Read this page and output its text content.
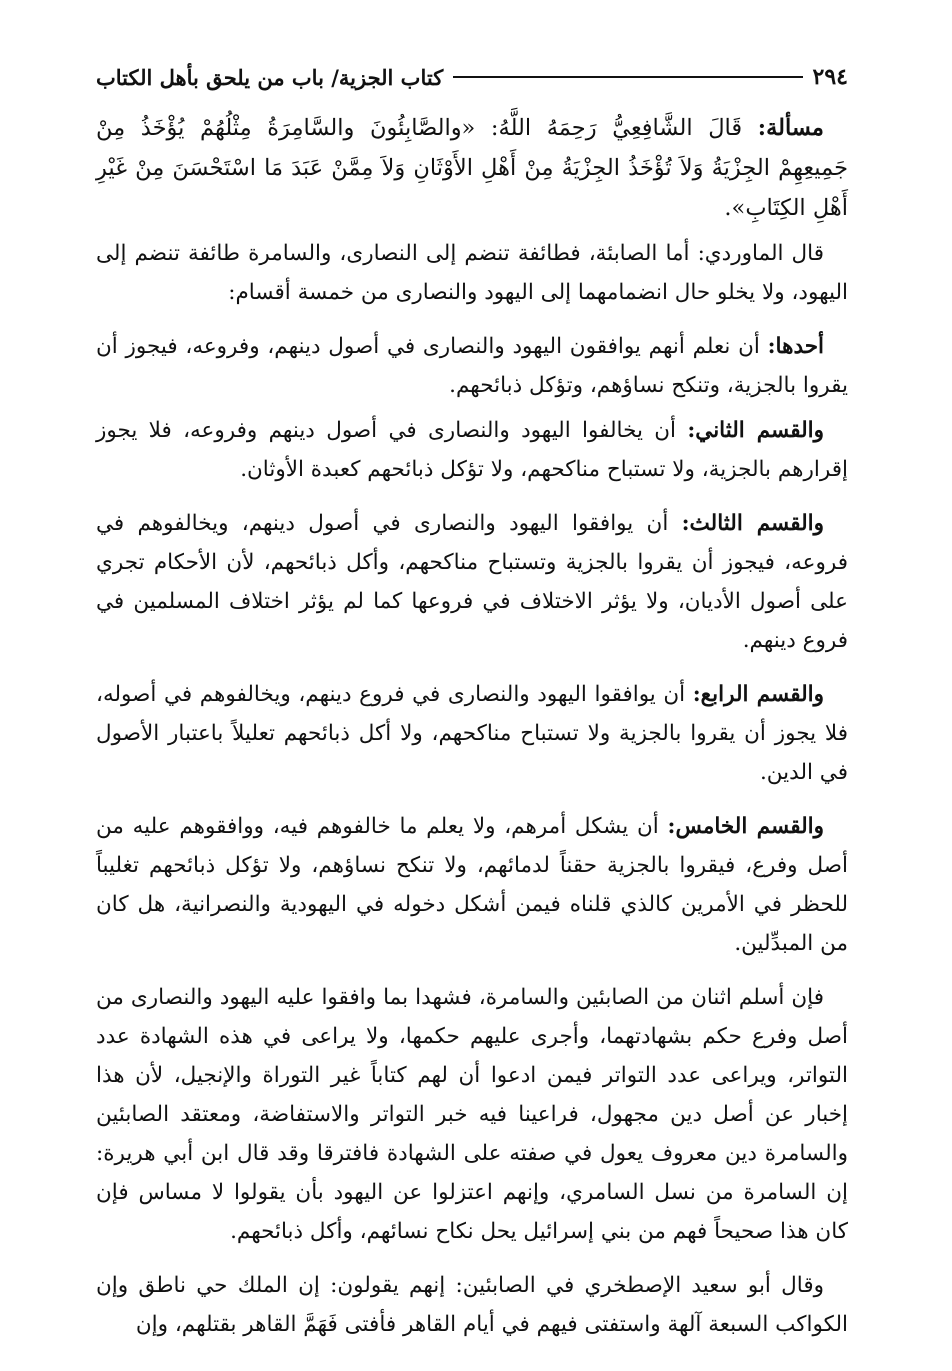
٢٩٤
كتاب الجزية/ باب من يلحق بأهل الكتاب

مسألة: قَالَ الشَّافِعِيُّ رَحِمَهُ اللَّهُ: «والصَّابِئُونَ والسَّامِرَةُ مِثْلُهُمْ يُؤْخَذُ مِنْ جَمِيعِهِمْ الجِزْيَةُ وَلاَ تُؤْخَذُ الجِزْيَةُ مِنْ أَهْلِ الأَوْثَانِ وَلاَ مِمَّنْ عَبَدَ مَا اسْتَحْسَنَ مِنْ غَيْرِ أَهْلِ الكِتَابِ».

قال الماوردي: أما الصابئة، فطائفة تنضم إلى النصارى، والسامرة طائفة تنضم إلى اليهود، ولا يخلو حال انضمامهما إلى اليهود والنصارى من خمسة أقسام:

أحدها: أن نعلم أنهم يوافقون اليهود والنصارى في أصول دينهم، وفروعه، فيجوز أن يقروا بالجزية، وتنكح نساؤهم، وتؤكل ذبائحهم.

والقسم الثاني: أن يخالفوا اليهود والنصارى في أصول دينهم وفروعه، فلا يجوز إقرارهم بالجزية، ولا تستباح مناكحهم، ولا تؤكل ذبائحهم كعبدة الأوثان.

والقسم الثالث: أن يوافقوا اليهود والنصارى في أصول دينهم، ويخالفوهم في فروعه، فيجوز أن يقروا بالجزية وتستباح مناكحهم، وأكل ذبائحهم، لأن الأحكام تجري على أصول الأديان، ولا يؤثر الاختلاف في فروعها كما لم يؤثر اختلاف المسلمين في فروع دينهم.

والقسم الرابع: أن يوافقوا اليهود والنصارى في فروع دينهم، ويخالفوهم في أصوله، فلا يجوز أن يقروا بالجزية ولا تستباح مناكحهم، ولا أكل ذبائحهم تعليلاً باعتبار الأصول في الدين.

والقسم الخامس: أن يشكل أمرهم، ولا يعلم ما خالفوهم فيه، ووافقوهم عليه من أصل وفرع، فيقروا بالجزية حقناً لدمائهم، ولا تنكح نساؤهم، ولا تؤكل ذبائحهم تغليباً للحظر في الأمرين كالذي قلناه فيمن أشكل دخوله في اليهودية والنصرانية، هل كان من المبدِّلين.

فإن أسلم اثنان من الصابئين والسامرة، فشهدا بما وافقوا عليه اليهود والنصارى من أصل وفرع حكم بشهادتهما، وأجرى عليهم حكمها، ولا يراعى في هذه الشهادة عدد التواتر، ويراعى عدد التواتر فيمن ادعوا أن لهم كتاباً غير التوراة والإنجيل، لأن هذا إخبار عن أصل دين مجهول، فراعينا فيه خبر التواتر والاستفاضة، ومعتقد الصابئين والسامرة دين معروف يعول في صفته على الشهادة فافترقا وقد قال ابن أبي هريرة: إن السامرة من نسل السامري، وإنهم اعتزلوا عن اليهود بأن يقولوا لا مساس فإن كان هذا صحيحاً فهم من بني إسرائيل يحل نكاح نسائهم، وأكل ذبائحهم.

وقال أبو سعيد الإصطخري في الصابئين: إنهم يقولون: إن الملك حي ناطق وإن الكواكب السبعة آلهة واستفتى فيهم في أيام القاهر فأفتى فَهَمَّ القاهر بقتلهم، وإن
